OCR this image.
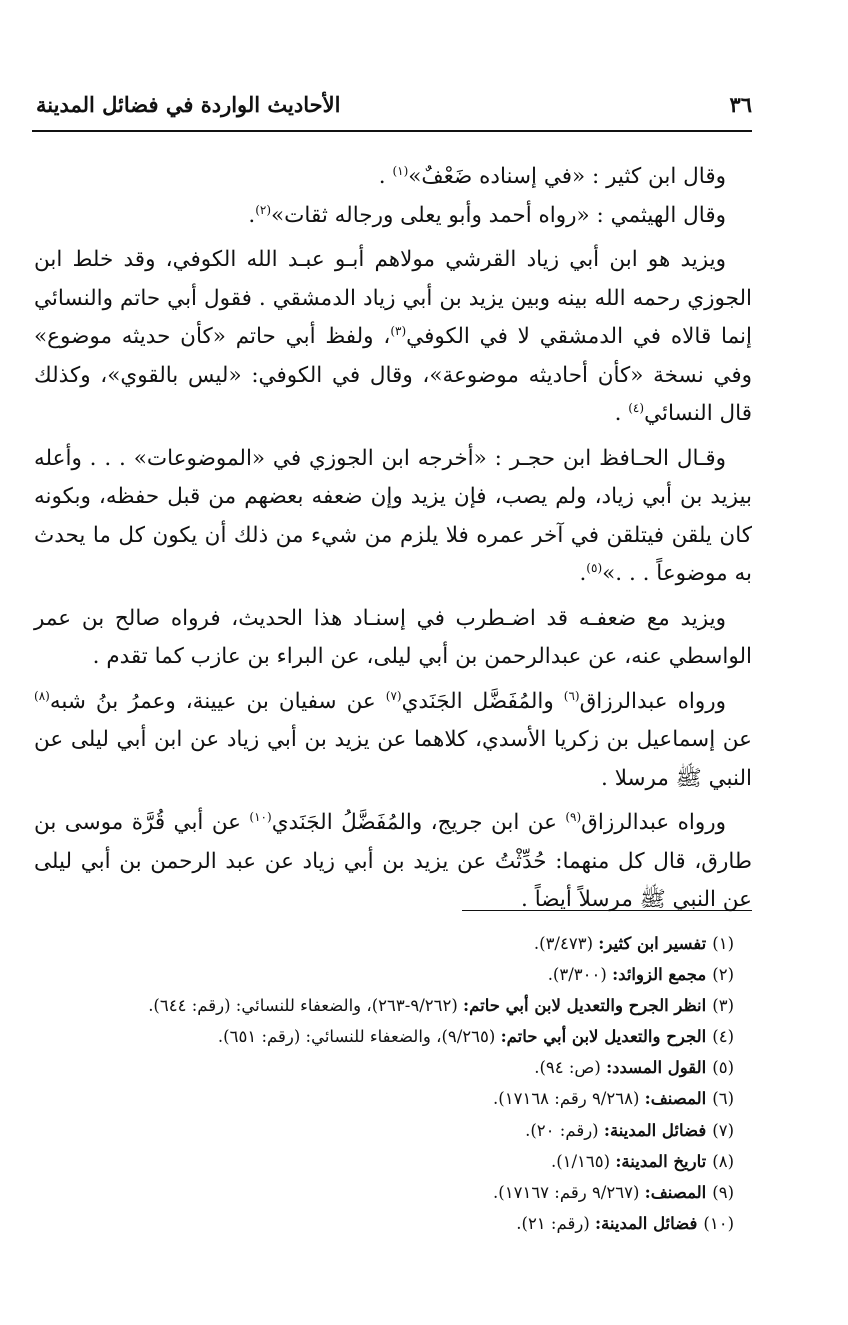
٣٦
الأحاديث الواردة في فضائل المدينة

وقال ابن كثير : «في إسناده ضَعْفٌ»$^{(١)}$ .

وقال الهيثمي : «رواه أحمد وأبو يعلى ورجاله ثقات»$^{(٢)}$.

ويزيد هو ابن أبي زياد القرشي مولاهم أبـو عبـد الله الكوفي، وقد خلط ابن الجوزي رحمه الله بينه وبين يزيد بن أبي زياد الدمشقي . فقول أبي حاتم والنسائي إنما قالاه في الدمشقي لا في الكوفي$^{(٣)}$، ولفظ أبي حاتم «كأن حديثه موضوع» وفي نسخة «كأن أحاديثه موضوعة»، وقال في الكوفي: «ليس بالقوي»، وكذلك قال النسائي$^{(٤)}$ .

وقـال الحـافظ ابن حجـر : «أخرجه ابن الجوزي في «الموضوعات» . . . وأعله بيزيد بن أبي زياد، ولم يصب، فإن يزيد وإن ضعفه بعضهم من قبل حفظه، وبكونه كان يلقن فيتلقن في آخر عمره فلا يلزم من شيء من ذلك أن يكون كل ما يحدث به موضوعاً . . .»$^{(٥)}$.

ويزيد مع ضعفـه قد اضـطرب في إسنـاد هذا الحديث، فرواه صالح بن عمر الواسطي عنه، عن عبدالرحمن بن أبي ليلى، عن البراء بن عازب كما تقدم .

ورواه عبدالرزاق$^{(٦)}$ والمُفَضَّل الجَنَدي$^{(٧)}$ عن سفيان بن عيينة، وعمرُ بنُ شبه$^{(٨)}$ عن إسماعيل بن زكريا الأسدي، كلاهما عن يزيد بن أبي زياد عن ابن أبي ليلى عن النبي ﷺ مرسلا .

ورواه عبدالرزاق$^{(٩)}$ عن ابن جريج، والمُفَضَّلُ الجَنَدي$^{(١٠)}$ عن أبي قُرَّة موسى بن طارق، قال كل منهما: حُدِّثْتُ عن يزيد بن أبي زياد عن عبد الرحمن بن أبي ليلى عن النبي ﷺ مرسلاً أيضاً .

(١)تفسير ابن كثير: (٣/٤٧٣).
(٢)مجمع الزوائد: (٣/٣٠٠).
(٣)انظر الجرح والتعديل لابن أبي حاتم: (٩/٢٦٢-٢٦٣)، والضعفاء للنسائي: (رقم: ٦٤٤).
(٤)الجرح والتعديل لابن أبي حاتم: (٩/٢٦٥)، والضعفاء للنسائي: (رقم: ٦٥١).
(٥)القول المسدد: (ص: ٩٤).
(٦)المصنف: (٩/٢٦٨ رقم: ١٧١٦٨).
(٧)فضائل المدينة: (رقم: ٢٠).
(٨)تاريخ المدينة: (١/١٦٥).
(٩)المصنف: (٩/٢٦٧ رقم: ١٧١٦٧).
(١٠)فضائل المدينة: (رقم: ٢١).
